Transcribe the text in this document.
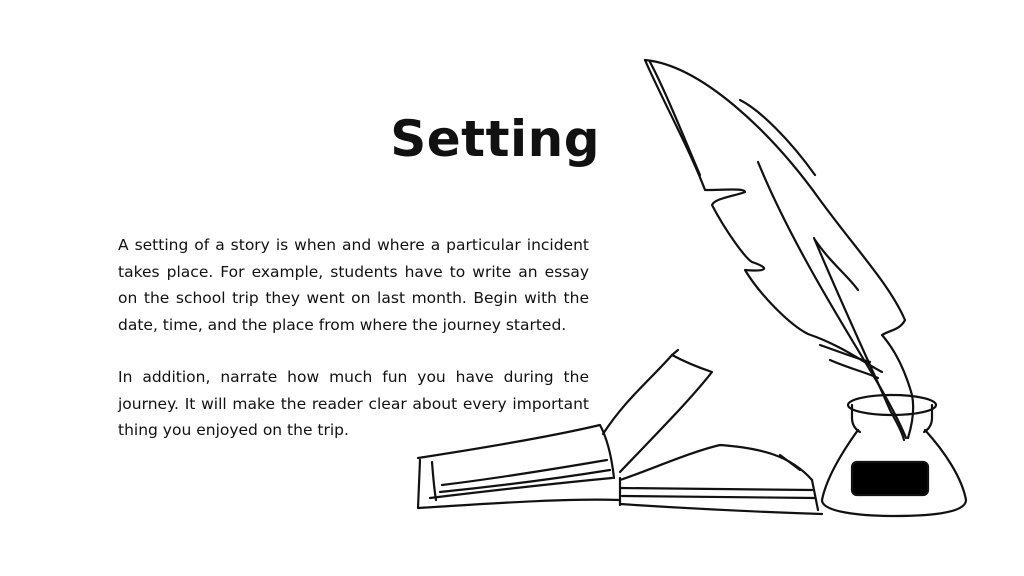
Setting

A setting of a story is when and where a particular incident takes place. For example, students have to write an essay on the school trip they went on last month. Begin with the date, time, and the place from where the journey started.

In addition, narrate how much fun you have during the journey. It will make the reader clear about every important thing you enjoyed on the trip.
